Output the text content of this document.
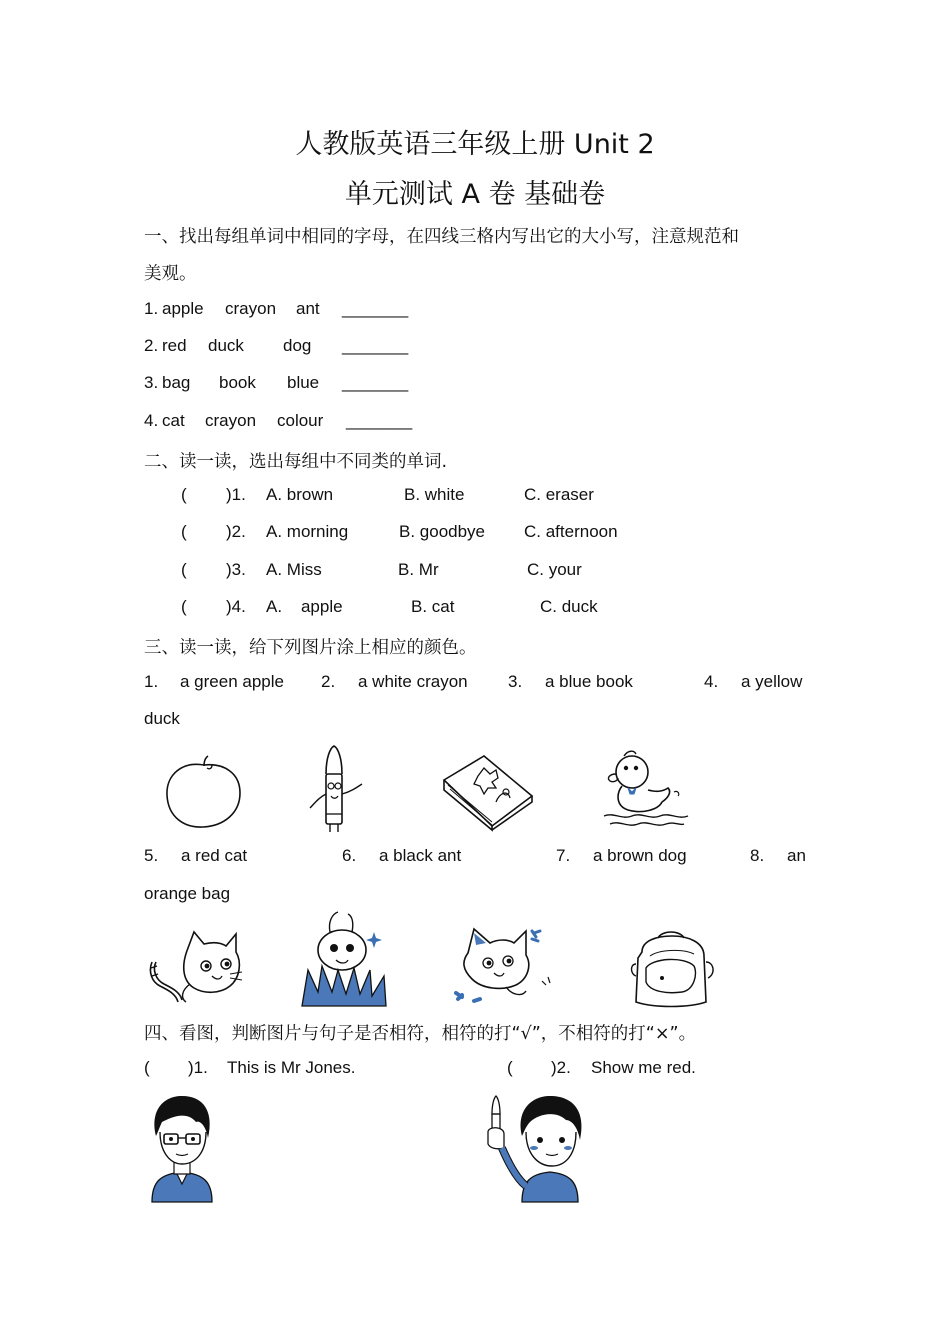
人教版英语三年级上册 Unit 2
单元测试 A 卷 基础卷
一、找出每组单词中相同的字母，在四线三格内写出它的大小写，注意规范和
美观。
1. apple crayon ant _______
2. red duck dog _______
3. bag book blue _______
4. cat crayon colour _______
二、读一读，选出每组中不同类的单词.
( )1. A. brown	B. white	C. eraser
( )2. A. morning	B. goodbye C. afternoon
( )3. A. Miss	B. Mr	C. your
( )4. A.    apple	B. cat	C. duck
三、读一读，给下列图片涂上相应的颜色。
1. a green apple 2. a white crayon 3. a blue book	4. a yellow
duck
5. a red cat	6. a black ant	7. a brown dog	8. an
orange bag
四、看图，判断图片与句子是否相符，相符的打“√”，不相符的打“×”。
( )1. This is Mr Jones.	( )2. Show me red.
